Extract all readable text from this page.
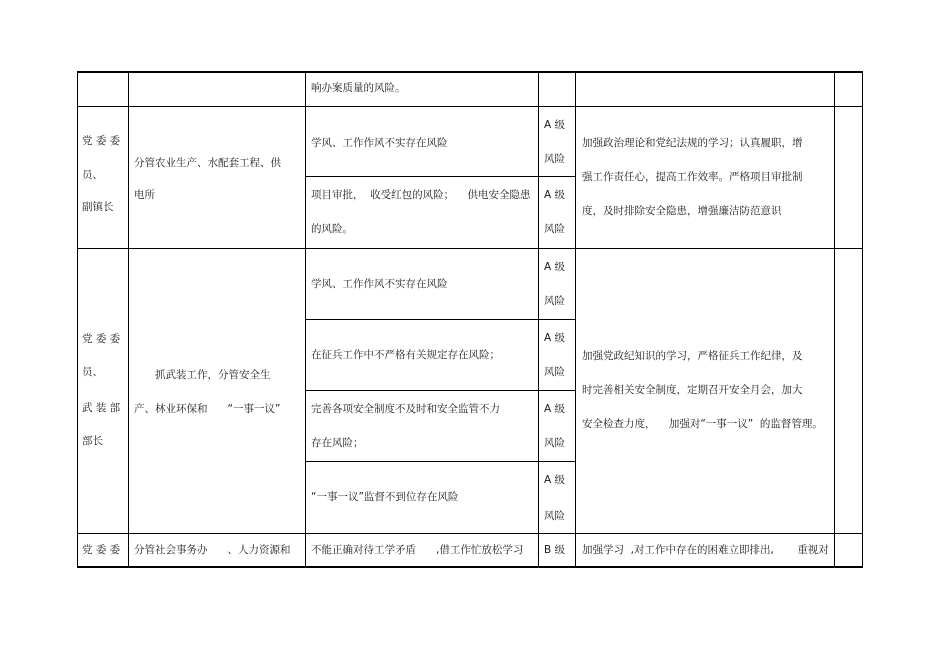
响办案质量的风险。
党 委 委
员、
副镇长
分管农业生产、水配套工程、供
电所
学风、工作作风不实存在风险
A 级
风险
项目审批，  收受红包的风险；    供电安全隐患
的风险。
A 级
风险
加强政治理论和党纪法规的学习；认真履职，增
强工作责任心，提高工作效率。严格项目审批制
度，及时排除安全隐患，增强廉洁防范意识
党 委 委
员、
武 装 部
部长
抓武装工作，分管安全生
产、林业环保和      “一事一议”
学风、工作作风不实存在风险
A 级
风险
在征兵工作中不严格有关规定存在风险；
A 级
风险
完善各项安全制度不及时和安全监管不力
存在风险；
A 级
风险
“一事一议”监督不到位存在风险
A 级
风险
加强党政纪知识的学习，严格征兵工作纪律，及
时完善相关安全制度，定期召开安全月会，加大
安全检查力度，    加强对“一事一议”  的监督管理。
党 委 委 分管社会事务办      、人力资源和 不能正确对待工学矛盾      ,借工作忙放松学习    ，
B 级 加强学习  ,对工作中存在的困难立即排出,       重视对
